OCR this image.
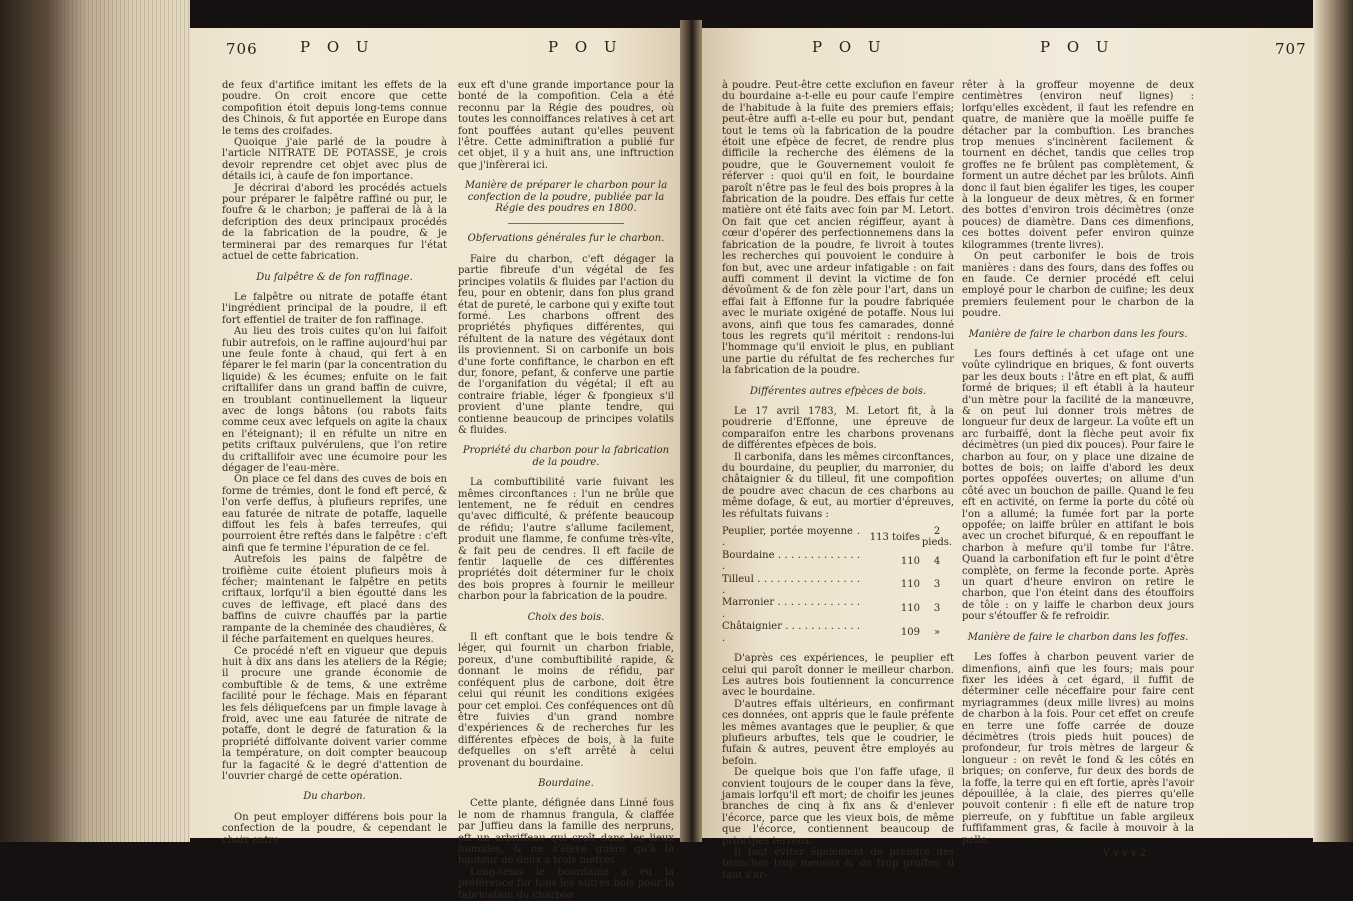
706	P O U	P O U	P O U	P O U	707

de feux d'artifice imitant les effets de la poudre. On croit encore que cette compofition étoit depuis long-tems connue des Chinois, & fut apportée en Europe dans le tems des croifades.

Quoique j'aie parlé de la poudre à l'article NITRATE DE POTASSE, je crois devoir reprendre cet objet avec plus de détails ici, à caufe de fon importance.

Je décrirai d'abord les procédés actuels pour préparer le falpêtre raffiné ou pur, le foufre & le charbon; je pafferai de là à la defcription des deux principaux procédés de la fabrication de la poudre, & je terminerai par des remarques fur l'état actuel de cette fabrication.

Du falpêtre & de fon raffinage.

Le falpêtre ou nitrate de potaffe étant l'ingrédient principal de la poudre, il eft fort effentiel de traiter de fon raffinage.

Au lieu des trois cuites qu'on lui faifoit fubir autrefois, on le raffine aujourd'hui par une feule fonte à chaud, qui fert à en féparer le fel marin (par la concentration du liquide) & les écumes; enfuite on le fait criftallifer dans un grand baffin de cuivre, en troublant continuellement la liqueur avec de longs bâtons (ou rabots faits comme ceux avec lefquels on agite la chaux en l'éteignant); il en réfulte un nitre en petits criftaux pulvérulens, que l'on retire du criftallifoir avec une écumoire pour les dégager de l'eau-mère.

On place ce fel dans des cuves de bois en forme de trémies, dont le fond eft percé, & l'on verfe deffus, à plufieurs reprifes, une eau faturée de nitrate de potaffe, laquelle diffout les fels à bafes terreufes, qui pourroient être reftés dans le falpêtre : c'eft ainfi que fe termine l'épuration de ce fel.

Autrefois les pains de falpêtre de troifième cuite étoient plufieurs mois à fécher; maintenant le falpêtre en petits criftaux, lorfqu'il a bien égoutté dans les cuves de leffivage, eft placé dans des baffins de cuivre chauffés par la partie rampante de la cheminée des chaudières, & il féche parfaitement en quelques heures.

Ce procédé n'eft en vigueur que depuis huit à dix ans dans les ateliers de la Régie; il procure une grande économie de combuftible & de tems, & une extrême facilité pour le féchage. Mais en féparant les fels déliquefcens par un fimple lavage à froid, avec une eau faturée de nitrate de potaffe, dont le degré de faturation & la propriété diffolvante doivent varier comme la température, on doit compter beaucoup fur la fagacité & le degré d'attention de l'ouvrier chargé de cette opération.

Du charbon.

On peut employer différens bois pour la confection de la poudre, & cependant le choix entre

eux eft d'une grande importance pour la bonté de la compofition. Cela a été reconnu par la Régie des poudres, où toutes les connoiffances relatives à cet art font pouffées autant qu'elles peuvent l'être. Cette adminiftration a publié fur cet objet, il y a huit ans, une inftruction que j'infèrerai ici.

Manière de préparer le charbon pour la confection de la poudre, publiée par la Régie des poudres en 1800.
Obfervations générales fur le charbon.

Faire du charbon, c'eft dégager la partie fibreufe d'un végétal de fes principes volatils & fluides par l'action du feu, pour en obtenir, dans fon plus grand état de pureté, le carbone qui y exifte tout formé. Les charbons offrent des propriétés phyfiques différentes, qui réfultent de la nature des végétaux dont ils proviennent. Si on carbonife un bois d'une forte confiftance, le charbon en eft dur, fonore, pefant, & conferve une partie de l'organifation du végétal; il eft au contraire friable, léger & fpongieux s'il provient d'une plante tendre, qui contienne beaucoup de principes volatils & fluides.

Propriété du charbon pour la fabrication de la poudre.

La combuftibilité varie fuivant les mêmes circonftances : l'un ne brûle que lentement, ne fe réduit en cendres qu'avec difficulté, & préfente beaucoup de réfidu; l'autre s'allume facilement, produit une flamme, fe confume très-vîte, & fait peu de cendres. Il eft facile de fentir laquelle de ces différentes propriétés doit déterminer fur le choix des bois propres à fournir le meilleur charbon pour la fabrication de la poudre.

Choix des bois.

Il eft conftant que le bois tendre & léger, qui fournit un charbon friable, poreux, d'une combuftibilité rapide, & donnant le moins de réfidu, par conféquent plus de carbone, doit être celui qui réunit les conditions exigées pour cet emploi. Ces conféquences ont dû être fuivies d'un grand nombre d'expériences & de recherches fur les différentes efpèces de bois, à la fuite defquelles on s'eft arrêté à celui provenant du bourdaine.

Bourdaine.

Cette plante, défignée dans Linné fous le nom de rhamnus frangula, & claffée par Juffieu dans la famille des nerpruns, eft un arbriffeau qui croît dans les lieux humides, & ne s'élève guère qu'à la hauteur de deux à trois mètres.

Long-tems le bourdaine a eu la préférence fur tous les autres bois pour la fabrication du charbon

à poudre. Peut-être cette exclufion en faveur du bourdaine a-t-elle eu pour caufe l'empire de l'habitude à la fuite des premiers effais; peut-être auffi a-t-elle eu pour but, pendant tout le tems où la fabrication de la poudre étoit une efpèce de fecret, de rendre plus difficile la recherche des élémens de la poudre, que le Gouvernement vouloit fe réferver : quoi qu'il en foit, le bourdaine paroît n'être pas le feul des bois propres à la fabrication de la poudre. Des effais fur cette matière ont été faits avec foin par M. Letort. On fait que cet ancien régiffeur, ayant à cœur d'opérer des perfectionnemens dans la fabrication de la poudre, fe livroit à toutes les recherches qui pouvoient le conduire à fon but, avec une ardeur infatigable : on fait auffi comment il devint la victime de fon dévoûment & de fon zèle pour l'art, dans un effai fait à Effonne fur la poudre fabriquée avec le muriate oxigéné de potaffe. Nous lui avons, ainfi que tous fes camarades, donné tous les regrets qu'il méritoit : rendons-lui l'hommage qu'il envioit le plus, en publiant une partie du réfultat de fes recherches fur la fabrication de la poudre.

Différentes autres efpèces de bois.

Le 17 avril 1783, M. Letort fit, à la poudrerie d'Effonne, une épreuve de comparaifon entre les charbons provenans de différentes efpèces de bois.

Il carbonifa, dans les mêmes circonftances, du bourdaine, du peuplier, du marronier, du châtaignier & du tilleul, fit une compofition de poudre avec chacun de ces charbons au même dofage, & eut, au mortier d'épreuves, les réfultats fuivans :

Peuplier, portée moyenne . .	113 toifes	2 pieds.
Bourdaine . . . . . . . . . . . . . .	110	4
Tilleul . . . . . . . . . . . . . . . . .	110	3
Marronier . . . . . . . . . . . . . .	110	3
Châtaignier . . . . . . . . . . . . .	109	»

D'après ces expériences, le peuplier eft celui qui paroît donner le meilleur charbon. Les autres bois foutiennent la concurrence avec le bourdaine.

D'autres effais ultérieurs, en confirmant ces données, ont appris que le faule préfente les mêmes avantages que le peuplier, & que plufieurs arbuftes, tels que le coudrier, le fufain & autres, peuvent être employés au befoin.

De quelque bois que l'on faffe ufage, il convient toujours de le couper dans la fève, jamais lorfqu'il eft mort; de choifir les jeunes branches de cinq à fix ans & d'enlever l'écorce, parce que les vieux bois, de même que l'écorce, contiennent beaucoup de principes terreux.

Il faut éviter également de prendre des branches trop menues & de trop groffes; il faut s'ar-

rêter à la groffeur moyenne de deux centimètres (environ neuf lignes) : lorfqu'elles excèdent, il faut les refendre en quatre, de manière que la moëlle puiffe fe détacher par la combuftion. Les branches trop menues s'incinèrent facilement & tournent en déchet, tandis que celles trop groffes ne fe brûlent pas complètement, & forment un autre déchet par les brûlots. Ainfi donc il faut bien égalifer les tiges, les couper à la longueur de deux mètres, & en former des bottes d'environ trois décimètres (onze pouces) de diamètre. Dans ces dimenfions, ces bottes doivent pefer environ quinze kilogrammes (trente livres).

On peut carbonifer le bois de trois manières : dans des fours, dans des foffes ou en faude. Ce dernier procédé eft celui employé pour le charbon de cuifine; les deux premiers feulement pour le charbon de la poudre.

Manière de faire le charbon dans les fours.

Les fours deftinés à cet ufage ont une voûte cylindrique en briques, & font ouverts par les deux bouts : l'âtre en eft plat, & auffi formé de briques; il eft établi à la hauteur d'un mètre pour la facilité de la manœuvre, & on peut lui donner trois mètres de longueur fur deux de largeur. La voûte eft un arc furbaiffé, dont la flèche peut avoir fix décimètres (un pied dix pouces). Pour faire le charbon au four, on y place une dizaine de bottes de bois; on laiffe d'abord les deux portes oppofées ouvertes; on allume d'un côté avec un bouchon de paille. Quand le feu eft en activité, on ferme la porte du côté où l'on a allumé; la fumée fort par la porte oppofée; on laiffe brûler en attifant le bois avec un crochet bifurqué, & en repouffant le charbon à mefure qu'il tombe fur l'âtre. Quand la carbonifation eft fur le point d'être complète, on ferme la feconde porte. Après un quart d'heure environ on retire le charbon, que l'on éteint dans des étouffoirs de tôle : on y laiffe le charbon deux jours pour s'étouffer & fe refroidir.

Manière de faire le charbon dans les foffes.

Les foffes à charbon peuvent varier de dimenfions, ainfi que les fours; mais pour fixer les idées à cet égard, il fuffit de déterminer celle néceffaire pour faire cent myriagrammes (deux mille livres) au moins de charbon à la fois. Pour cet effet on creufe en terre une foffe carrée de douze décimètres (trois pieds huit pouces) de profondeur, fur trois mètres de largeur & longueur : on revêt le fond & les côtés en briques; on conferve, fur deux des bords de la foffe, la terre qui en eft fortie, après l'avoir dépouillée, à la claie, des pierres qu'elle pouvoit contenir : fi elle eft de nature trop pierreufe, on y fubftitue un fable argileux fuffifamment gras, & facile à mouvoir à la pelle.

V v v v 2
